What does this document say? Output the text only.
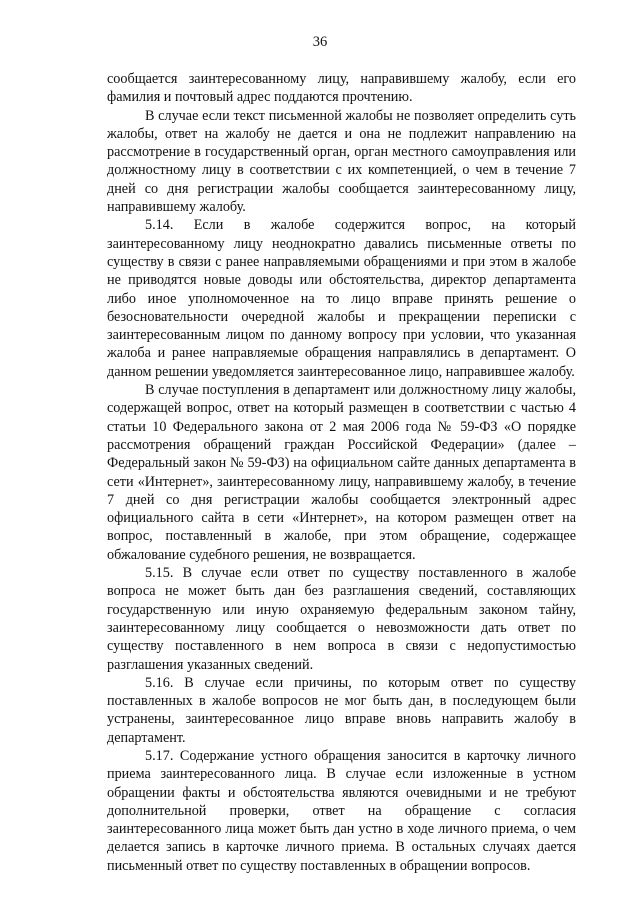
36

сообщается заинтересованному лицу, направившему жалобу, если его фамилия и почтовый адрес поддаются прочтению.

В случае если текст письменной жалобы не позволяет определить суть жалобы, ответ на жалобу не дается и она не подлежит направлению на рассмотрение в государственный орган, орган местного самоуправления или должностному лицу в соответствии с их компетенцией, о чем в течение 7 дней со дня регистрации жалобы сообщается заинтересованному лицу, направившему жалобу.

5.14. Если в жалобе содержится вопрос, на который заинтересованному лицу неоднократно давались письменные ответы по существу в связи с ранее направляемыми обращениями и при этом в жалобе не приводятся новые доводы или обстоятельства, директор департамента либо иное уполномоченное на то лицо вправе принять решение о безосновательности очередной жалобы и прекращении переписки с заинтересованным лицом по данному вопросу при условии, что указанная жалоба и ранее направляемые обращения направлялись в департамент. О данном решении уведомляется заинтересованное лицо, направившее жалобу.

В случае поступления в департамент или должностному лицу жалобы, содержащей вопрос, ответ на который размещен в соответствии с частью 4 статьи 10 Федерального закона от 2 мая 2006 года № 59-ФЗ «О порядке рассмотрения обращений граждан Российской Федерации» (далее – Федеральный закон № 59-ФЗ) на официальном сайте данных департамента в сети «Интернет», заинтересованному лицу, направившему жалобу, в течение 7 дней со дня регистрации жалобы сообщается электронный адрес официального сайта в сети «Интернет», на котором размещен ответ на вопрос, поставленный в жалобе, при этом обращение, содержащее обжалование судебного решения, не возвращается.

5.15. В случае если ответ по существу поставленного в жалобе вопроса не может быть дан без разглашения сведений, составляющих государственную или иную охраняемую федеральным законом тайну, заинтересованному лицу сообщается о невозможности дать ответ по существу поставленного в нем вопроса в связи с недопустимостью разглашения указанных сведений.

5.16. В случае если причины, по которым ответ по существу поставленных в жалобе вопросов не мог быть дан, в последующем были устранены, заинтересованное лицо вправе вновь направить жалобу в департамент.

5.17. Содержание устного обращения заносится в карточку личного приема заинтересованного лица. В случае если изложенные в устном обращении факты и обстоятельства являются очевидными и не требуют дополнительной проверки, ответ на обращение с согласия заинтересованного лица может быть дан устно в ходе личного приема, о чем делается запись в карточке личного приема. В остальных случаях дается письменный ответ по существу поставленных в обращении вопросов.
